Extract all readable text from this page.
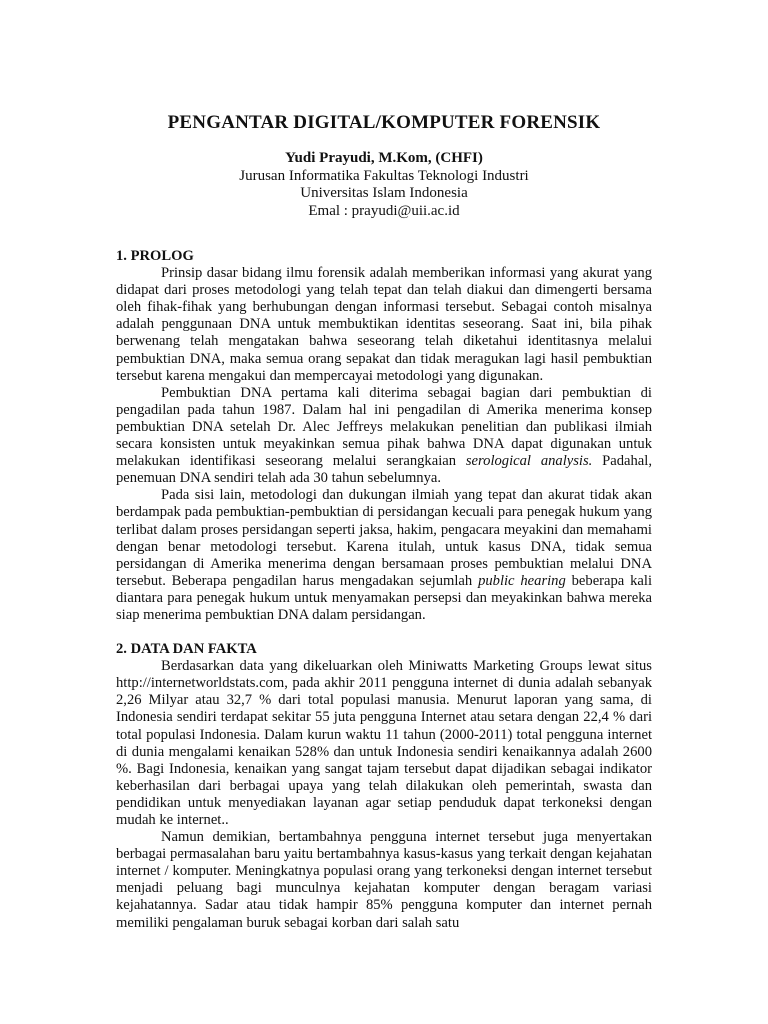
PENGANTAR DIGITAL/KOMPUTER FORENSIK
Yudi Prayudi, M.Kom, (CHFI)
Jurusan Informatika Fakultas Teknologi Industri
Universitas Islam Indonesia
Emal : prayudi@uii.ac.id

1. PROLOG

Prinsip dasar bidang ilmu forensik adalah memberikan informasi yang akurat yang didapat dari proses metodologi yang telah tepat dan telah diakui dan dimengerti bersama oleh fihak-fihak yang berhubungan dengan informasi tersebut. Sebagai contoh misalnya adalah penggunaan DNA untuk membuktikan identitas seseorang. Saat ini, bila pihak berwenang telah mengatakan bahwa seseorang telah diketahui identitasnya melalui pembuktian DNA, maka semua orang sepakat dan tidak meragukan lagi hasil pembuktian tersebut karena mengakui dan mempercayai metodologi yang digunakan.

Pembuktian DNA pertama kali diterima sebagai bagian dari pembuktian di pengadilan pada tahun 1987. Dalam hal ini pengadilan di Amerika menerima konsep pembuktian DNA setelah Dr. Alec Jeffreys melakukan penelitian dan publikasi ilmiah secara konsisten untuk meyakinkan semua pihak bahwa DNA dapat digunakan untuk melakukan identifikasi seseorang melalui serangkaian serological analysis. Padahal, penemuan DNA sendiri telah ada 30 tahun sebelumnya.

Pada sisi lain, metodologi dan dukungan ilmiah yang tepat dan akurat tidak akan berdampak pada pembuktian-pembuktian di persidangan kecuali para penegak hukum yang terlibat dalam proses persidangan seperti jaksa, hakim, pengacara meyakini dan memahami dengan benar metodologi tersebut. Karena itulah, untuk kasus DNA, tidak semua persidangan di Amerika menerima dengan bersamaan proses pembuktian melalui DNA tersebut. Beberapa pengadilan harus mengadakan sejumlah public hearing beberapa kali diantara para penegak hukum untuk menyamakan persepsi dan meyakinkan bahwa mereka siap menerima pembuktian DNA dalam persidangan.

2. DATA DAN FAKTA

Berdasarkan data yang dikeluarkan oleh Miniwatts Marketing Groups lewat situs http://internetworldstats.com, pada akhir 2011 pengguna internet di dunia adalah sebanyak 2,26 Milyar atau 32,7 % dari total populasi manusia. Menurut laporan yang sama, di Indonesia sendiri terdapat sekitar 55 juta pengguna Internet atau setara dengan 22,4 % dari total populasi Indonesia. Dalam kurun waktu 11 tahun (2000-2011) total pengguna internet di dunia mengalami kenaikan 528% dan untuk Indonesia sendiri kenaikannya adalah 2600 %. Bagi Indonesia, kenaikan yang sangat tajam tersebut dapat dijadikan sebagai indikator keberhasilan dari berbagai upaya yang telah dilakukan oleh pemerintah, swasta dan pendidikan untuk menyediakan layanan agar setiap penduduk dapat terkoneksi dengan mudah ke internet..

Namun demikian, bertambahnya pengguna internet tersebut juga menyertakan berbagai permasalahan baru yaitu bertambahnya kasus-kasus yang terkait dengan kejahatan internet / komputer. Meningkatnya populasi orang yang terkoneksi dengan internet tersebut menjadi peluang bagi munculnya kejahatan komputer dengan beragam variasi kejahatannya. Sadar atau tidak hampir 85% pengguna komputer dan internet pernah memiliki pengalaman buruk sebagai korban dari salah satu
